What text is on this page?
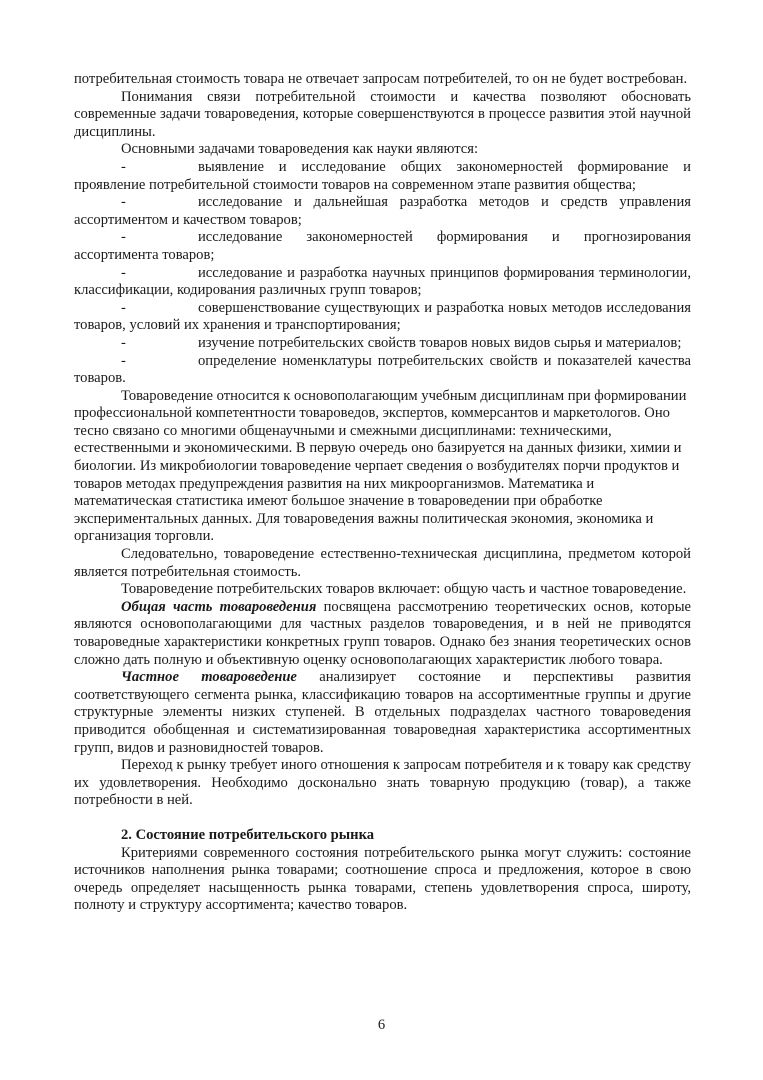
потребительная стоимость товара не отвечает запросам потребителей, то он не будет востребован.

Понимания связи потребительной стоимости и качества позволяют обосновать современные задачи товароведения, которые совершенствуются в процессе развития этой научной дисциплины.

Основными задачами товароведения как науки являются:

-	выявление и исследование общих закономерностей формирование и проявление потребительной стоимости товаров на современном этапе развития общества;

-	исследование и дальнейшая разработка методов и средств управления ассортиментом и качеством товаров;

-	исследование закономерностей формирования и прогнозирования ассортимента товаров;

-	исследование и разработка научных принципов формирования терминологии, классификации, кодирования различных групп товаров;

-	совершенствование существующих и разработка новых методов исследования товаров, условий их хранения и транспортирования;

-	изучение потребительских свойств товаров новых видов сырья и материалов;

-	определение номенклатуры потребительских свойств и показателей качества товаров.

Товароведение относится к основополагающим учебным дисциплинам при формировании профессиональной компетентности товароведов, экспертов, коммерсантов и маркетологов. Оно тесно связано со многими общенаучными и смежными дисциплинами: техническими, естественными и экономическими. В первую очередь оно базируется на данных физики, химии и биологии. Из микробиологии товароведение черпает сведения о возбудителях порчи продуктов и товаров методах предупреждения развития на них микроорганизмов. Математика и математическая статистика имеют большое значение в товароведении при обработке экспериментальных данных. Для товароведения важны политическая экономия, экономика и организация торговли.

Следовательно, товароведение естественно-техническая дисциплина, предметом которой является потребительная стоимость.

Товароведение потребительских товаров включает: общую часть и частное товароведение.

Общая часть товароведения посвящена рассмотрению теоретических основ, которые являются основополагающими для частных разделов товароведения, и в ней не приводятся товароведные характеристики конкретных групп товаров. Однако без знания теоретических основ сложно дать полную и объективную оценку основополагающих характеристик любого товара.

Частное товароведение анализирует состояние и перспективы развития соответствующего сегмента рынка, классификацию товаров на ассортиментные группы и другие структурные элементы низких ступеней. В отдельных подразделах частного товароведения приводится обобщенная и систематизированная товароведная характеристика ассортиментных групп, видов и разновидностей товаров.

Переход к рынку требует иного отношения к запросам потребителя и к товару как средству их удовлетворения. Необходимо досконально знать товарную продукцию (товар), а также потребности в ней.

2. Состояние потребительского рынка

Критериями современного состояния потребительского рынка могут служить: состояние источников наполнения рынка товарами; соотношение спроса и предложения, которое в свою очередь определяет насыщенность рынка товарами, степень удовлетворения спроса, широту, полноту и структуру ассортимента; качество товаров.

6
